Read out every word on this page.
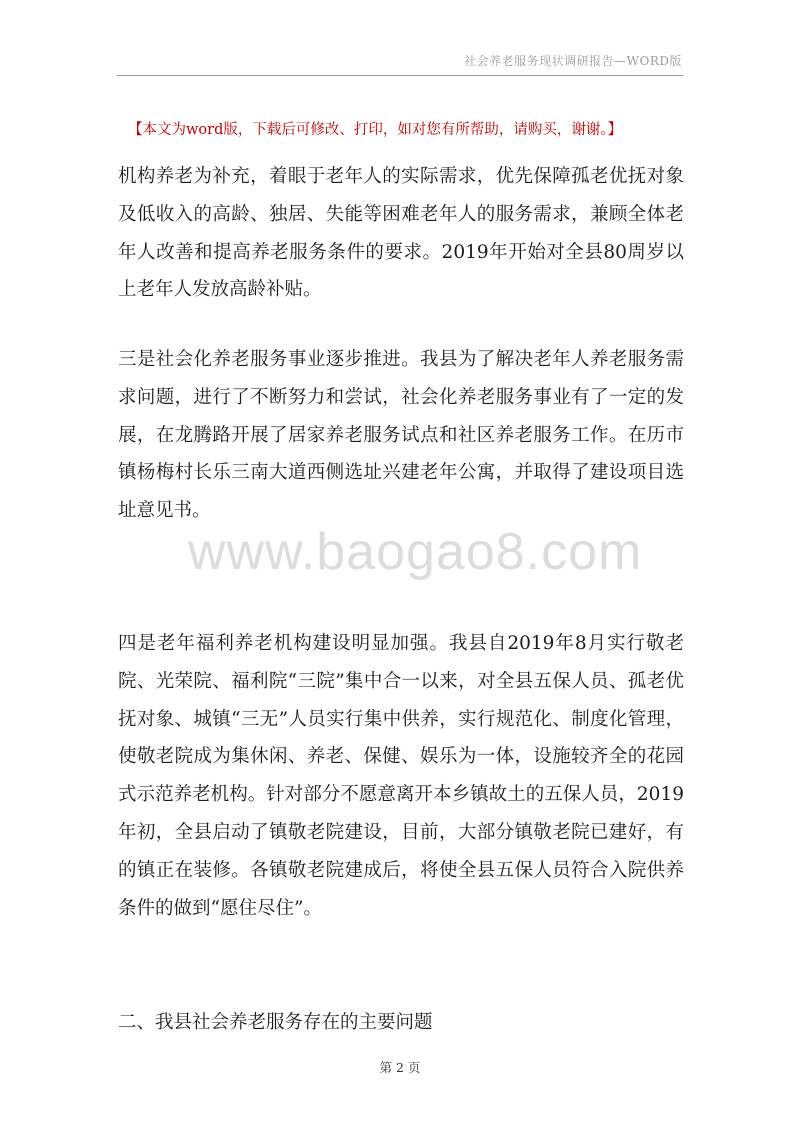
社会养老服务现状调研报告—WORD版
【本文为word版，下载后可修改、打印，如对您有所帮助，请购买，谢谢。】

机构养老为补充，着眼于老年人的实际需求，优先保障孤老优抚对象及低收入的高龄、独居、失能等困难老年人的服务需求，兼顾全体老年人改善和提高养老服务条件的要求。2019年开始对全县80周岁以上老年人发放高龄补贴。

三是社会化养老服务事业逐步推进。我县为了解决老年人养老服务需求问题，进行了不断努力和尝试，社会化养老服务事业有了一定的发展，在龙腾路开展了居家养老服务试点和社区养老服务工作。在历市镇杨梅村长乐三南大道西侧选址兴建老年公寓，并取得了建设项目选址意见书。

四是老年福利养老机构建设明显加强。我县自2019年8月实行敬老院、光荣院、福利院“三院”集中合一以来，对全县五保人员、孤老优抚对象、城镇“三无”人员实行集中供养，实行规范化、制度化管理，使敬老院成为集休闲、养老、保健、娱乐为一体，设施较齐全的花园式示范养老机构。针对部分不愿意离开本乡镇故土的五保人员，2019年初，全县启动了镇敬老院建设，目前，大部分镇敬老院已建好，有的镇正在装修。各镇敬老院建成后，将使全县五保人员符合入院供养条件的做到“愿住尽住”。

二、我县社会养老服务存在的主要问题

www.baogao8.com
第 2 页
